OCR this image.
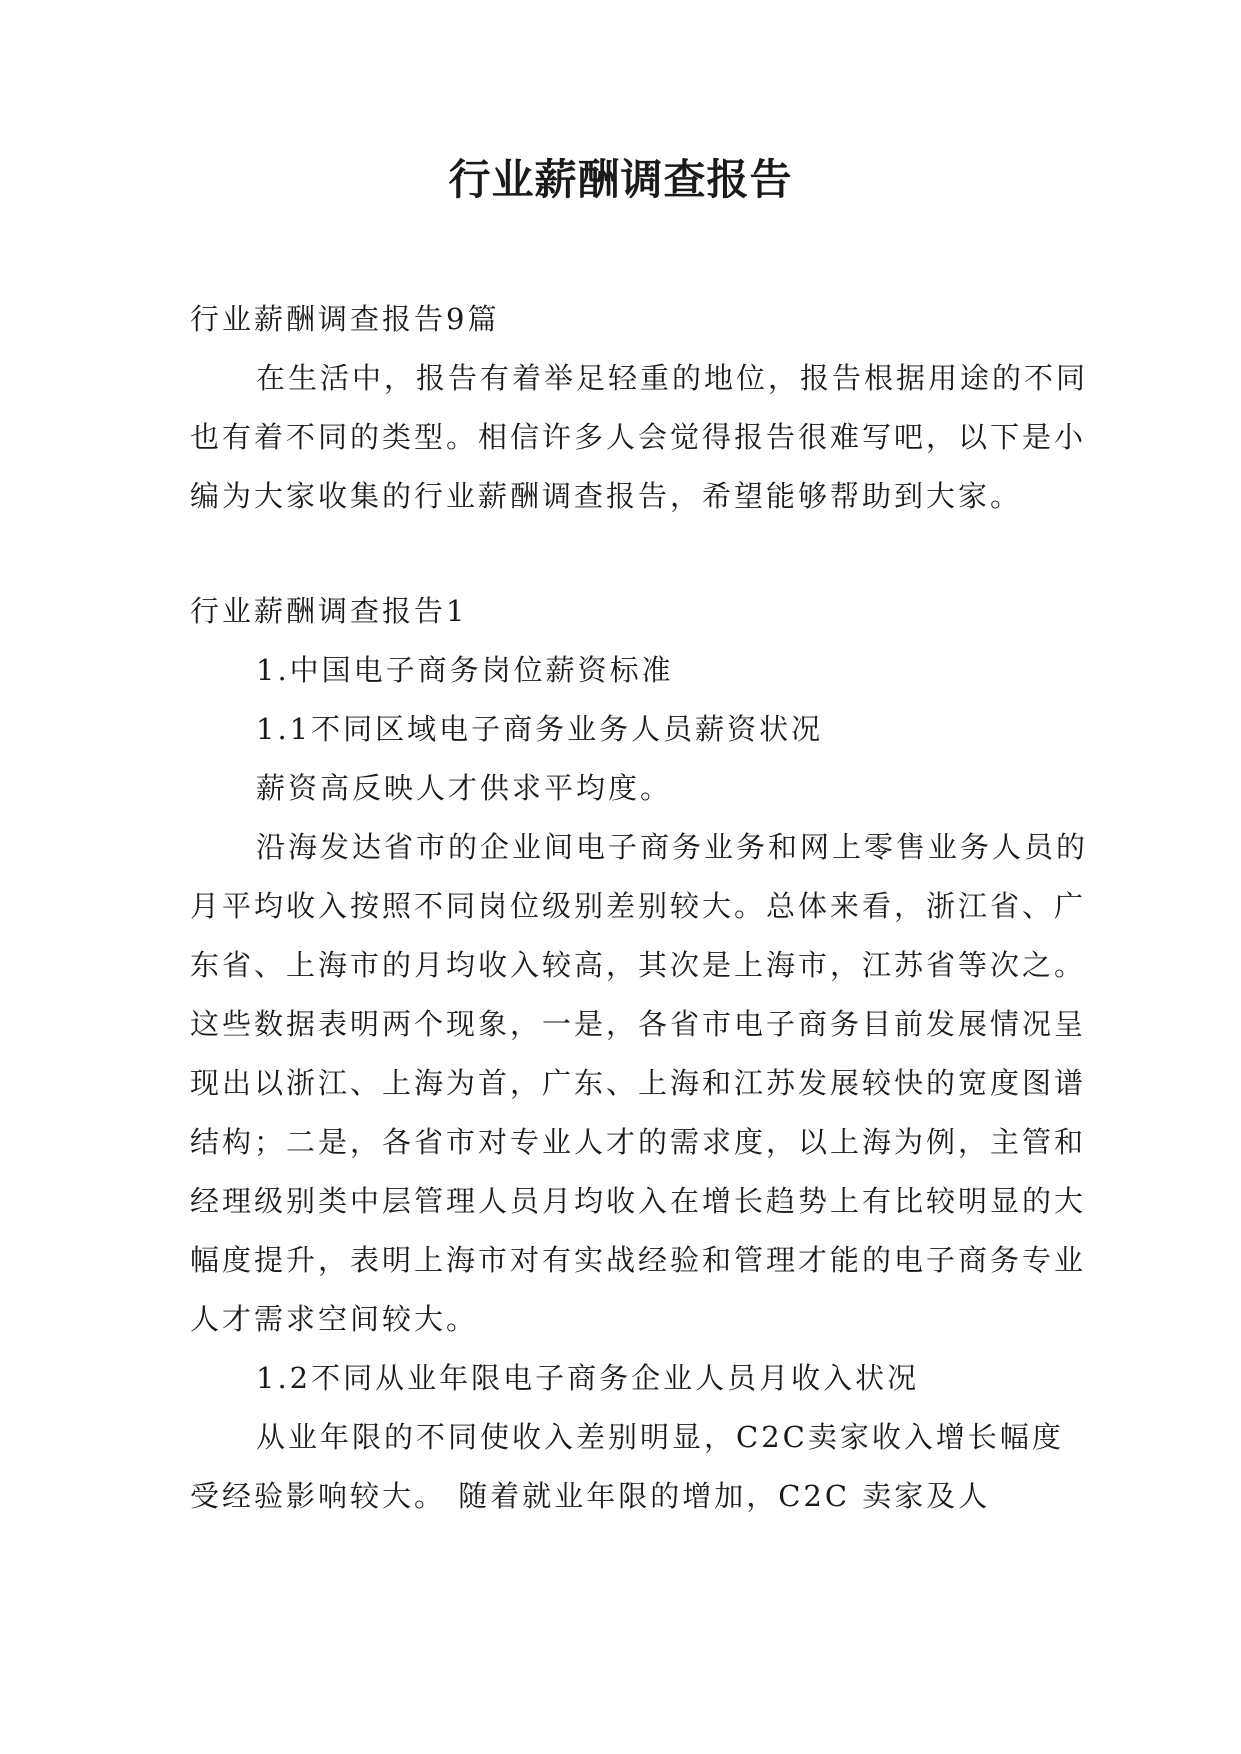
行业薪酬调查报告

行业薪酬调查报告9篇

在生活中，报告有着举足轻重的地位，报告根据用途的不同也有着不同的类型。相信许多人会觉得报告很难写吧，以下是小编为大家收集的行业薪酬调查报告，希望能够帮助到大家。

行业薪酬调查报告1

1.中国电子商务岗位薪资标准

1.1不同区域电子商务业务人员薪资状况

薪资高反映人才供求平均度。

沿海发达省市的企业间电子商务业务和网上零售业务人员的月平均收入按照不同岗位级别差别较大。总体来看，浙江省、广东省、上海市的月均收入较高，其次是上海市，江苏省等次之。这些数据表明两个现象，一是，各省市电子商务目前发展情况呈现出以浙江、上海为首，广东、上海和江苏发展较快的宽度图谱结构；二是，各省市对专业人才的需求度，以上海为例，主管和经理级别类中层管理人员月均收入在增长趋势上有比较明显的大幅度提升，表明上海市对有实战经验和管理才能的电子商务专业人才需求空间较大。

1.2不同从业年限电子商务企业人员月收入状况

从业年限的不同使收入差别明显，C2C卖家收入增长幅度受经验影响较大。 随着就业年限的增加，C2C 卖家及人
